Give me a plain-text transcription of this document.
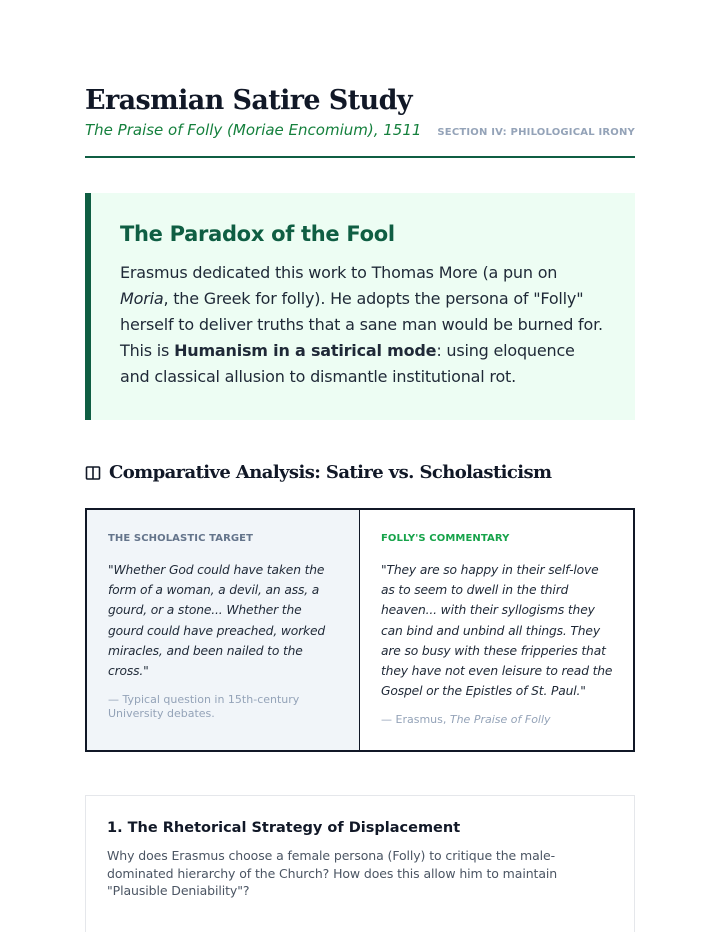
Erasmian Satire Study
The Praise of Folly (Moriae Encomium), 1511	SECTION IV: PHILOLOGICAL IRONY
The Paradox of the Fool

Erasmus dedicated this work to Thomas More (a pun on Moria, the Greek for folly). He adopts the persona of "Folly" herself to deliver truths that a sane man would be burned for. This is Humanism in a satirical mode: using eloquence and classical allusion to dismantle institutional rot.

Comparative Analysis: Satire vs. Scholasticism
THE SCHOLASTIC TARGET
"Whether God could have taken the form of a woman, a devil, an ass, a gourd, or a stone... Whether the gourd could have preached, worked miracles, and been nailed to the cross."
— Typical question in 15th-century University debates.
FOLLY'S COMMENTARY
"They are so happy in their self-love as to seem to dwell in the third heaven... with their syllogisms they can bind and unbind all things. They are so busy with these fripperies that they have not even leisure to read the Gospel or the Epistles of St. Paul."
— Erasmus, The Praise of Folly
1. The Rhetorical Strategy of Displacement

Why does Erasmus choose a female persona (Folly) to critique the male-dominated hierarchy of the Church? How does this allow him to maintain "Plausible Deniability"?
